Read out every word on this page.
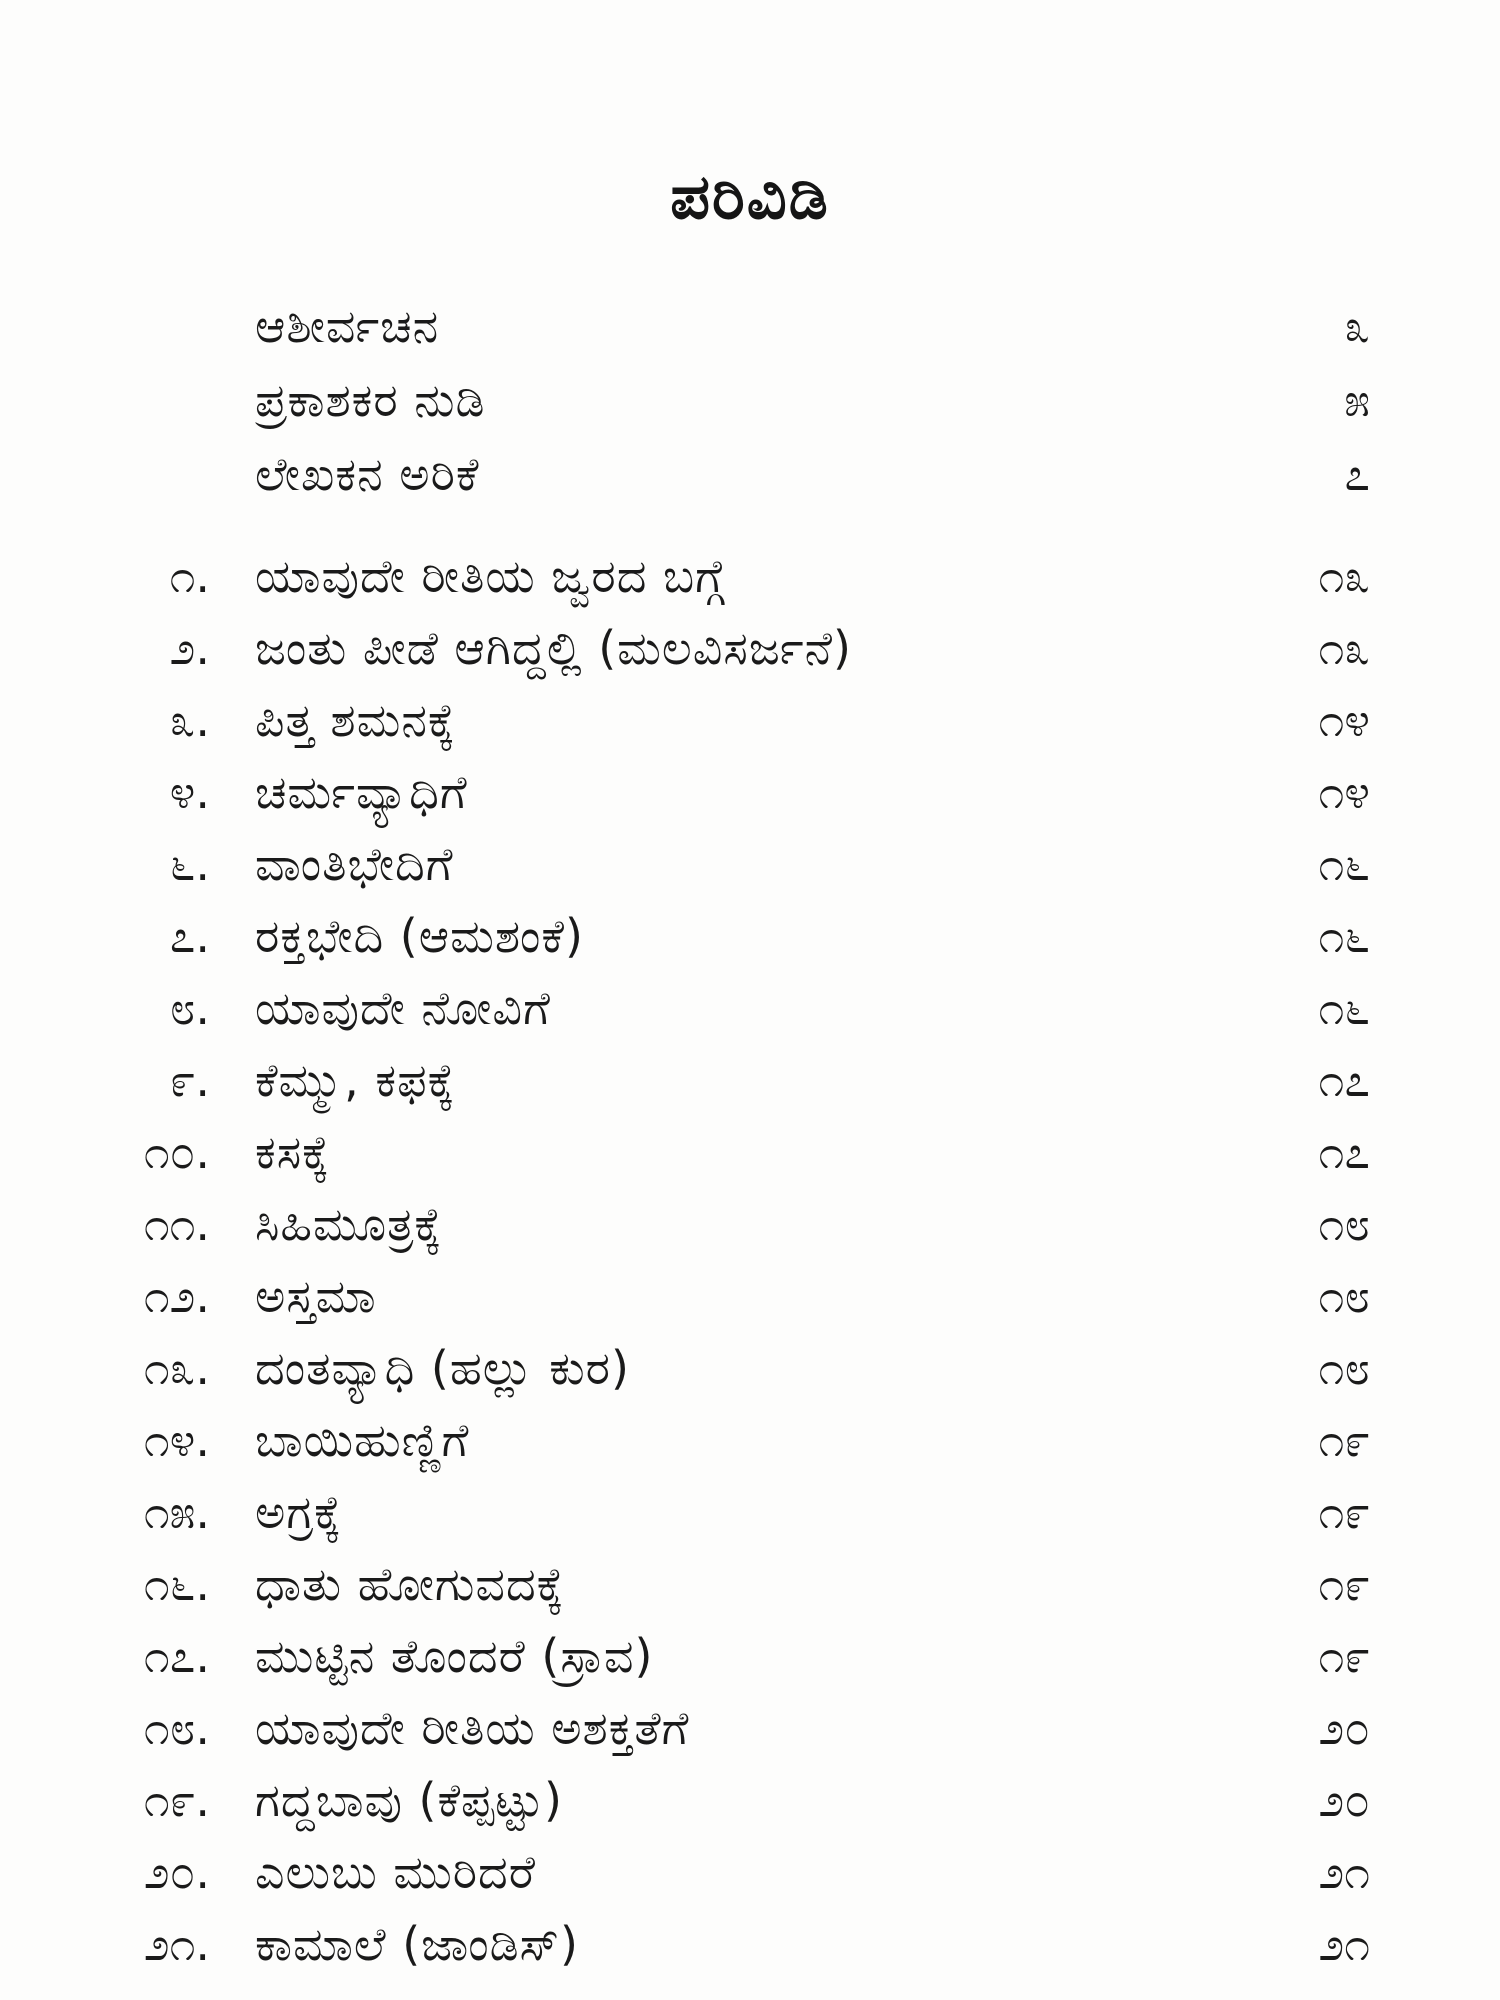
ಪರಿವಿಡಿ
ಆಶೀರ್ವಚನ	೩
ಪ್ರಕಾಶಕರ ನುಡಿ	೫
ಲೇಖಕನ ಅರಿಕೆ	೭
೧. ಯಾವುದೇ ರೀತಿಯ ಜ್ವರದ ಬಗ್ಗೆ	೧೩
೨. ಜಂತು ಪೀಡೆ ಆಗಿದ್ದಲ್ಲಿ (ಮಲವಿಸರ್ಜನೆ)	೧೩
೩. ಪಿತ್ತ ಶಮನಕ್ಕೆ	೧೪
೪. ಚರ್ಮವ್ಯಾಧಿಗೆ	೧೪
೬. ವಾಂತಿಭೇದಿಗೆ	೧೬
೭. ರಕ್ತಭೇದಿ (ಆಮಶಂಕೆ)	೧೬
೮. ಯಾವುದೇ ನೋವಿಗೆ	೧೬
೯. ಕೆಮ್ಮು, ಕಫಕ್ಕೆ	೧೭
೧೦. ಕಸಕ್ಕೆ	೧೭
೧೧. ಸಿಹಿಮೂತ್ರಕ್ಕೆ	೧೮
೧೨. ಅಸ್ತಮಾ	೧೮
೧೩. ದಂತವ್ಯಾಧಿ (ಹಲ್ಲು ಕುರ)	೧೮
೧೪. ಬಾಯಿಹುಣ್ಣಿಗೆ	೧೯
೧೫. ಅಗ್ರಕ್ಕೆ	೧೯
೧೬. ಧಾತು ಹೋಗುವದಕ್ಕೆ	೧೯
೧೭. ಮುಟ್ಟಿನ ತೊಂದರೆ (ಸ್ರಾವ)	೧೯
೧೮. ಯಾವುದೇ ರೀತಿಯ ಅಶಕ್ತತೆಗೆ	೨೦
೧೯. ಗದ್ದಬಾವು (ಕೆಪ್ಪಟ್ಟು)	೨೦
೨೦. ಎಲುಬು ಮುರಿದರೆ	೨೧
೨೧. ಕಾಮಾಲೆ (ಜಾಂಡಿಸ್)	೨೧
